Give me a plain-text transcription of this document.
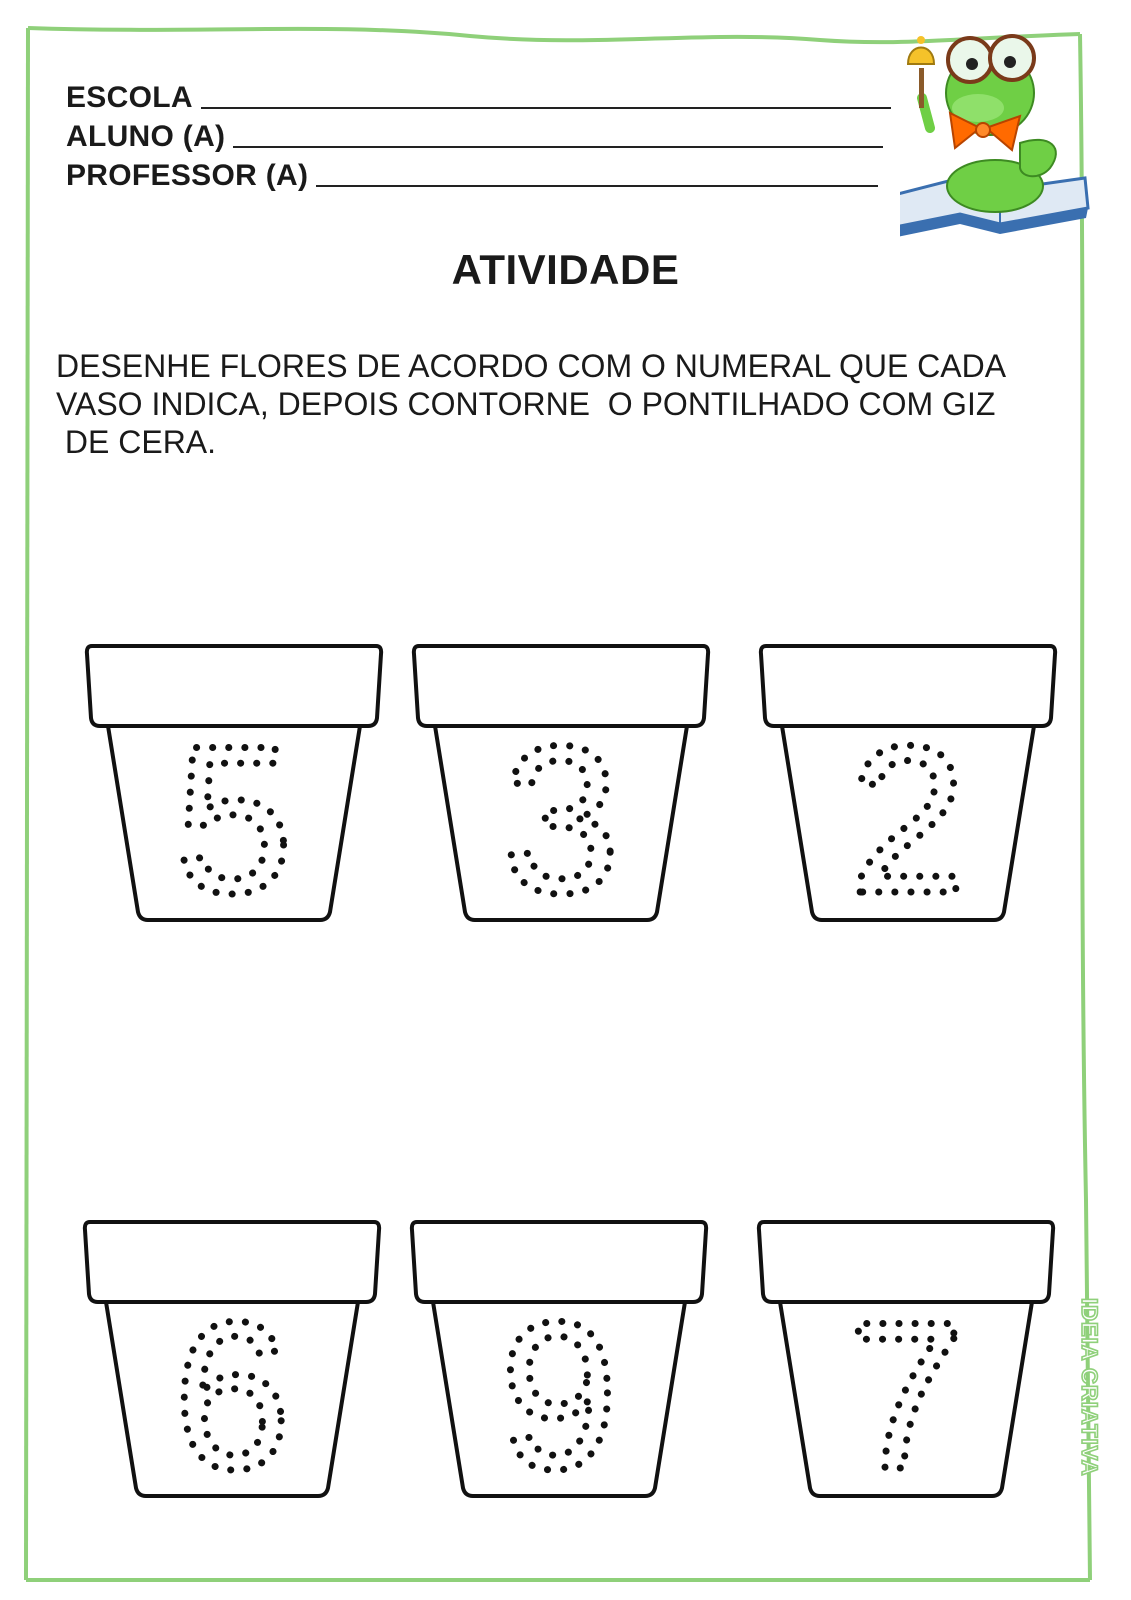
ESCOLA
ALUNO (A)
PROFESSOR (A)
ATIVIDADE
DESENHE FLORES DE ACORDO COM O NUMERAL QUE CADA
VASO INDICA, DEPOIS CONTORNE  O PONTILHADO COM GIZ
DE CERA.
5 3 2
6 9 7	IDEIA CRIATIVA
